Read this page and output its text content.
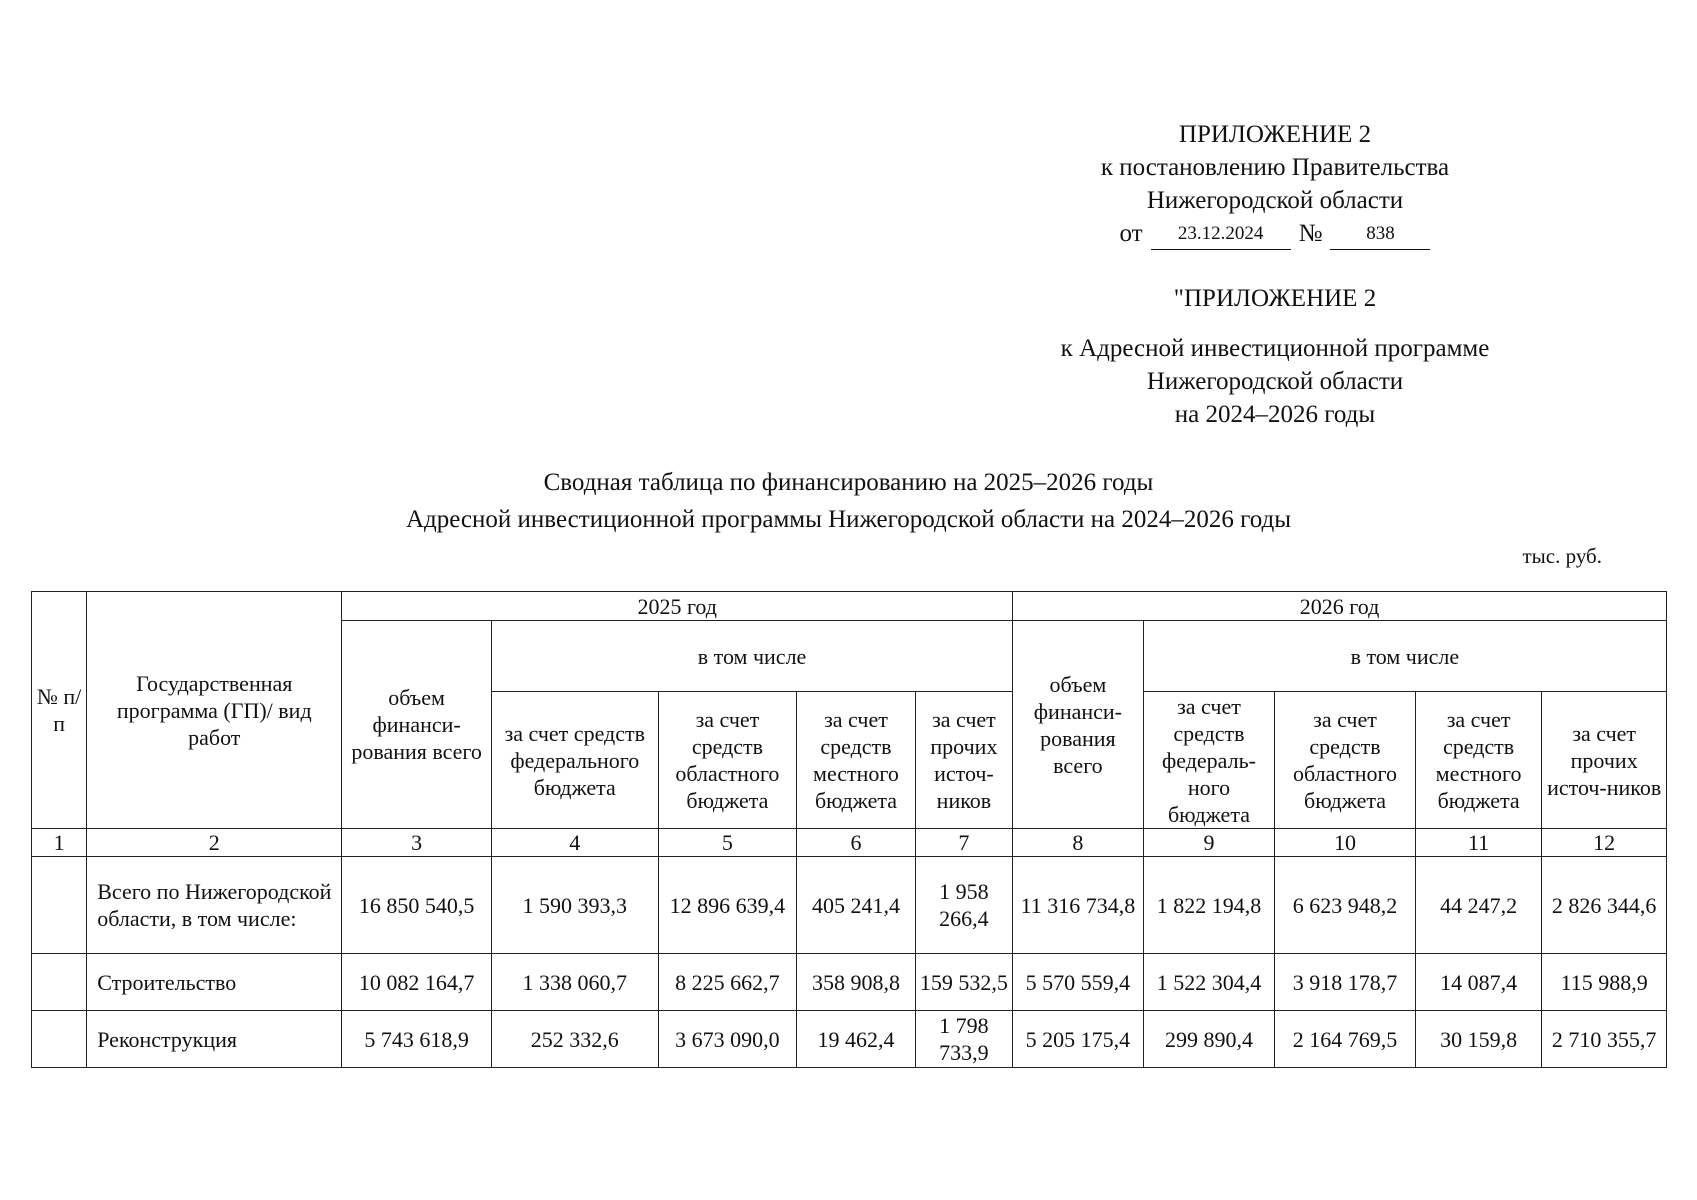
ПРИЛОЖЕНИЕ 2
к постановлению Правительства
Нижегородской области
от	23.12.2024	№	838
"ПРИЛОЖЕНИЕ 2
к Адресной инвестиционной программе
Нижегородской области
на 2024–2026 годы
Сводная таблица по финансированию на 2025–2026 годы
Адресной инвестиционной программы Нижегородской области на 2024–2026 годы
тыс. руб.
№ п/п	Государственная программа (ГП)/ вид работ	2025 год					2026 год				
		объем финанси-рования всего	в том числе				объем финанси-рования всего	в том числе			
			за счет средств федерального бюджета	за счет средств областного бюджета	за счет средств местного бюджета	за счет прочих источ-ников		за счет средств федераль-ного бюджета	за счет средств областного бюджета	за счет средств местного бюджета	за счет прочих источ-ников
1	2	3	4	5	6	7	8	9	10	11	12
	Всего по Нижегородской области, в том числе:	16 850 540,5	1 590 393,3	12 896 639,4	405 241,4	1 958 266,4	11 316 734,8	1 822 194,8	6 623 948,2	44 247,2	2 826 344,6
	Строительство	10 082 164,7	1 338 060,7	8 225 662,7	358 908,8	159 532,5	5 570 559,4	1 522 304,4	3 918 178,7	14 087,4	115 988,9
	Реконструкция	5 743 618,9	252 332,6	3 673 090,0	19 462,4	1 798 733,9	5 205 175,4	299 890,4	2 164 769,5	30 159,8	2 710 355,7
